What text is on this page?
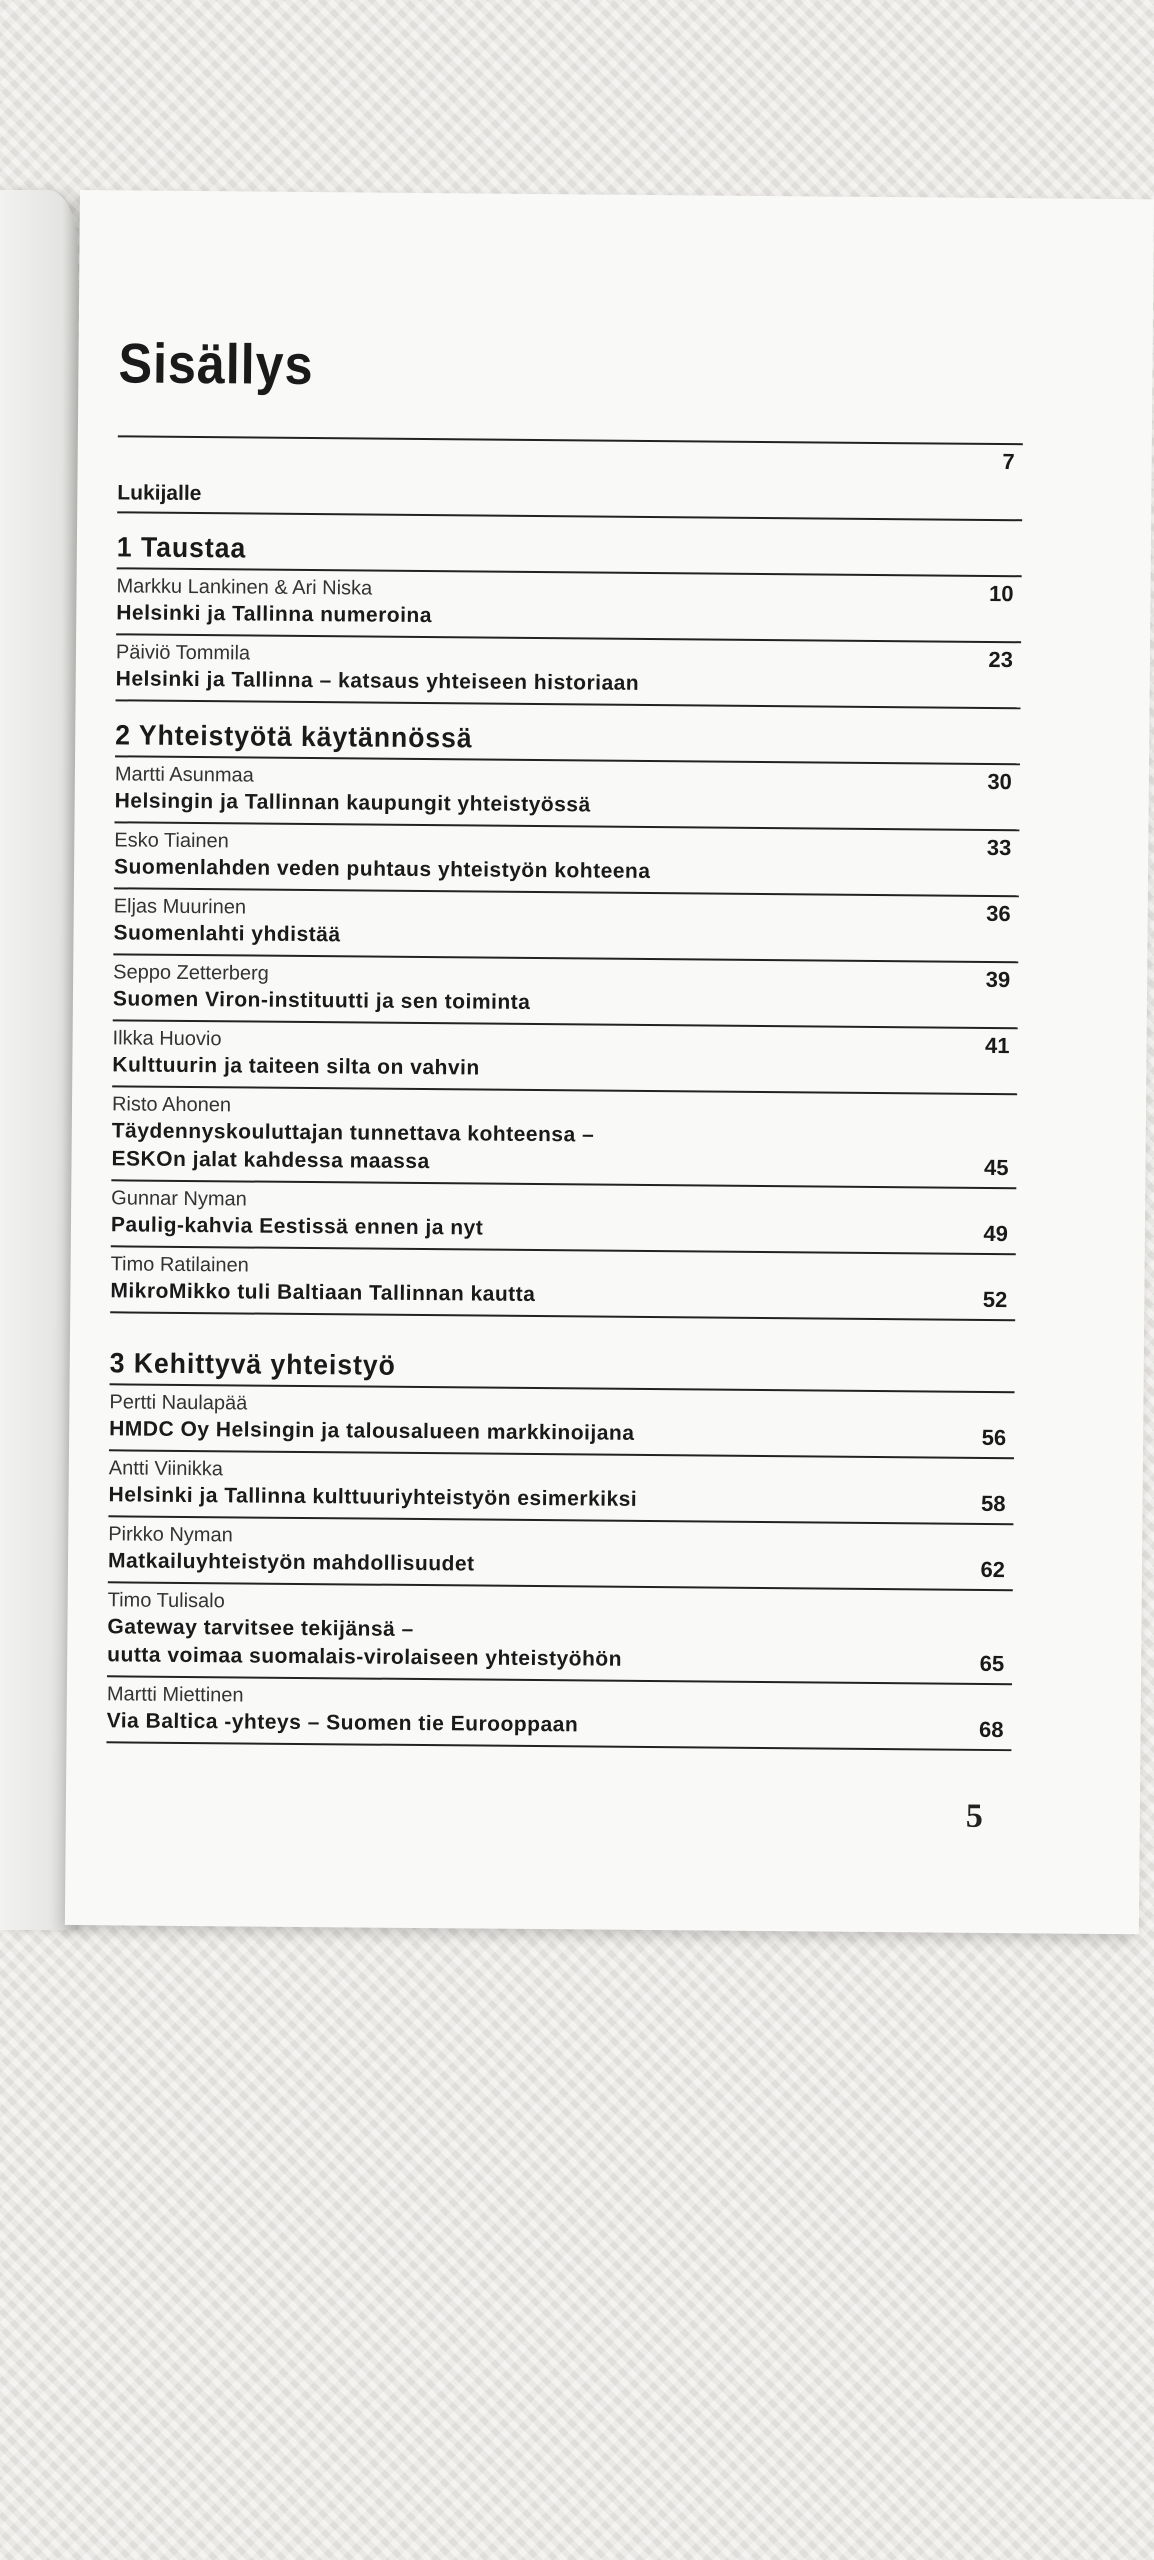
Sisällys
7
Lukijalle
1 Taustaa
10
Markku Lankinen & Ari Niska
Helsinki ja Tallinna numeroina
23
Päiviö Tommila
Helsinki ja Tallinna – katsaus yhteiseen historiaan
2 Yhteistyötä käytännössä
30
Martti Asunmaa
Helsingin ja Tallinnan kaupungit yhteistyössä
33
Esko Tiainen
Suomenlahden veden puhtaus yhteistyön kohteena
36
Eljas Muurinen
Suomenlahti yhdistää
39
Seppo Zetterberg
Suomen Viron-instituutti ja sen toiminta
41
Ilkka Huovio
Kulttuurin ja taiteen silta on vahvin
45
Risto Ahonen
Täydennyskouluttajan tunnettava kohteensa –
ESKOn jalat kahdessa maassa
49
Gunnar Nyman
Paulig-kahvia Eestissä ennen ja nyt
52
Timo Ratilainen
MikroMikko tuli Baltiaan Tallinnan kautta
3 Kehittyvä yhteistyö
56
Pertti Naulapää
HMDC Oy Helsingin ja talousalueen markkinoijana
58
Antti Viinikka
Helsinki ja Tallinna kulttuuriyhteistyön esimerkiksi
62
Pirkko Nyman
Matkailuyhteistyön mahdollisuudet
65
Timo Tulisalo
Gateway tarvitsee tekijänsä –
uutta voimaa suomalais-virolaiseen yhteistyöhön
68
Martti Miettinen
Via Baltica -yhteys – Suomen tie Eurooppaan
5
